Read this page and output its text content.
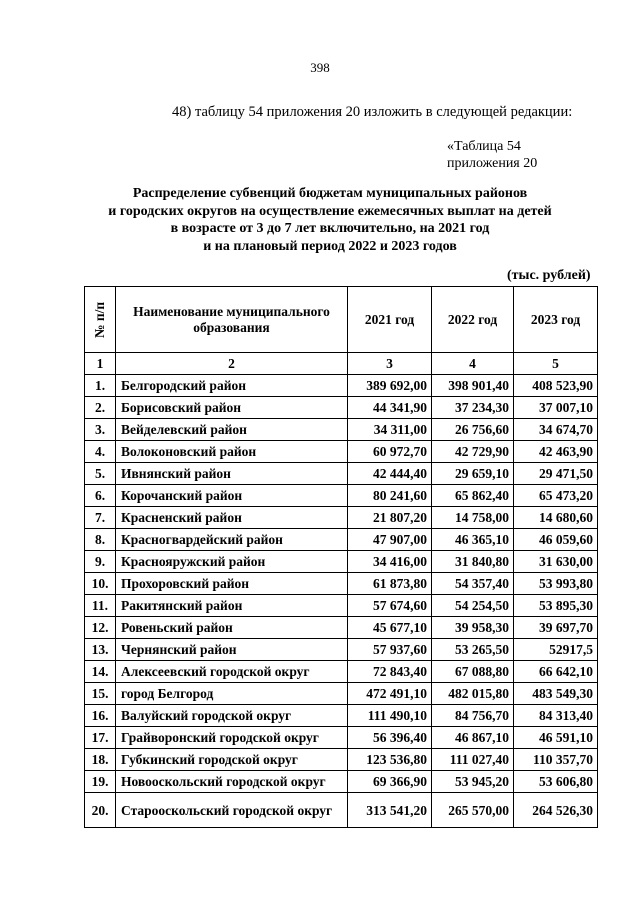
398
48) таблицу 54 приложения 20 изложить в следующей редакции:
«Таблица 54
приложения 20
Распределение субвенций бюджетам муниципальных районов
и городских округов на осуществление ежемесячных выплат на детей
в возрасте от 3 до 7 лет включительно, на 2021 год
и на плановый период 2022 и 2023 годов
(тыс. рублей)
№ п/п	Наименование муниципального образования	2021 год	2022 год	2023 год
1	2	3	4	5
1.	Белгородский район	389 692,00	398 901,40	408 523,90
2.	Борисовский район	44 341,90	37 234,30	37 007,10
3.	Вейделевский район	34 311,00	26 756,60	34 674,70
4.	Волоконовский район	60 972,70	42 729,90	42 463,90
5.	Ивнянский район	42 444,40	29 659,10	29 471,50
6.	Корочанский район	80 241,60	65 862,40	65 473,20
7.	Красненский район	21 807,20	14 758,00	14 680,60
8.	Красногвардейский район	47 907,00	46 365,10	46 059,60
9.	Краснояружский район	34 416,00	31 840,80	31 630,00
10.	Прохоровский район	61 873,80	54 357,40	53 993,80
11.	Ракитянский район	57 674,60	54 254,50	53 895,30
12.	Ровеньский район	45 677,10	39 958,30	39 697,70
13.	Чернянский район	57 937,60	53 265,50	52917,5
14.	Алексеевский городской округ	72 843,40	67 088,80	66 642,10
15.	город Белгород	472 491,10	482 015,80	483 549,30
16.	Валуйский городской округ	111 490,10	84 756,70	84 313,40
17.	Грайворонский городской округ	56 396,40	46 867,10	46 591,10
18.	Губкинский городской округ	123 536,80	111 027,40	110 357,70
19.	Новооскольский городской округ	69 366,90	53 945,20	53 606,80
20.	Старооскольский городской округ	313 541,20	265 570,00	264 526,30
